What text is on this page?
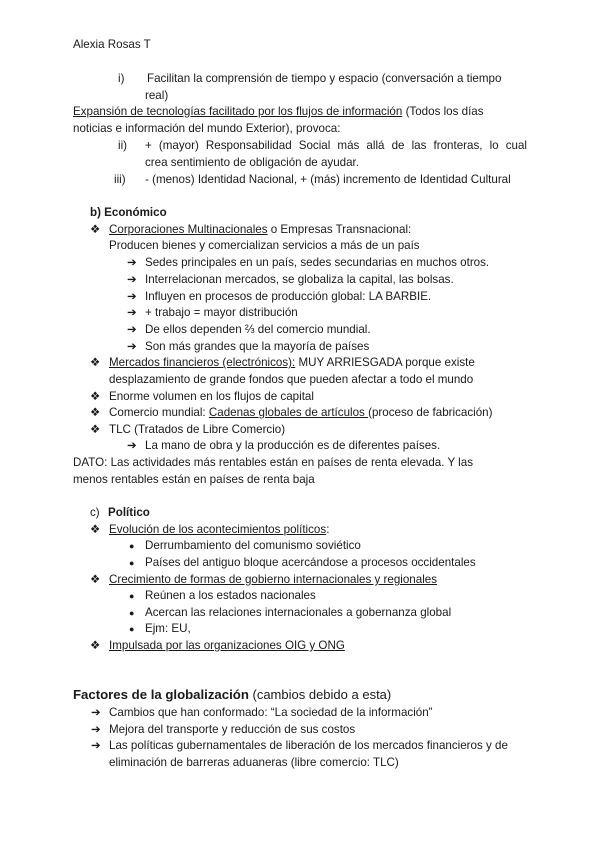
Alexia Rosas T
i) Facilitan la comprensión de tiempo y espacio (conversación a tiempo
real)
Expansión de tecnologías facilitado por los flujos de información (Todos los días
noticias e información del mundo Exterior), provoca:
ii) + (mayor) Responsabilidad Social más allá de las fronteras, lo cual
crea sentimiento de obligación de ayudar.
iii) - (menos) Identidad Nacional, + (más) incremento de Identidad Cultural
b) Económico
❖ Corporaciones Multinacionales o Empresas Transnacional:
Producen bienes y comercializan servicios a más de un país
➔ Sedes principales en un país, sedes secundarias en muchos otros.
➔ Interrelacionan mercados, se globaliza la capital, las bolsas.
➔ Influyen en procesos de producción global: LA BARBIE.
➔ + trabajo = mayor distribución
➔ De ellos dependen ⅔ del comercio mundial.
➔ Son más grandes que la mayoría de países
❖ Mercados financieros (electrónicos): MUY ARRIESGADA porque existe
desplazamiento de grande fondos que pueden afectar a todo el mundo
❖ Enorme volumen en los flujos de capital
❖ Comercio mundial: Cadenas globales de artículos (proceso de fabricación)
❖ TLC (Tratados de Libre Comercio)
➔ La mano de obra y la producción es de diferentes países.
DATO: Las actividades más rentables están en países de renta elevada. Y las
menos rentables están en países de renta baja
c) Político
❖ Evolución de los acontecimientos políticos:
● Derrumbamiento del comunismo soviético
● Países del antiguo bloque acercándose a procesos occidentales
❖ Crecimiento de formas de gobierno internacionales y regionales
● Reúnen a los estados nacionales
● Acercan las relaciones internacionales a gobernanza global
● Ejm: EU,
❖ Impulsada por las organizaciones OIG y ONG
Factores de la globalización (cambios debido a esta)
➔ Cambios que han conformado: “La sociedad de la información”
➔ Mejora del transporte y reducción de sus costos
➔ Las políticas gubernamentales de liberación de los mercados financieros y de
eliminación de barreras aduaneras (libre comercio: TLC)
